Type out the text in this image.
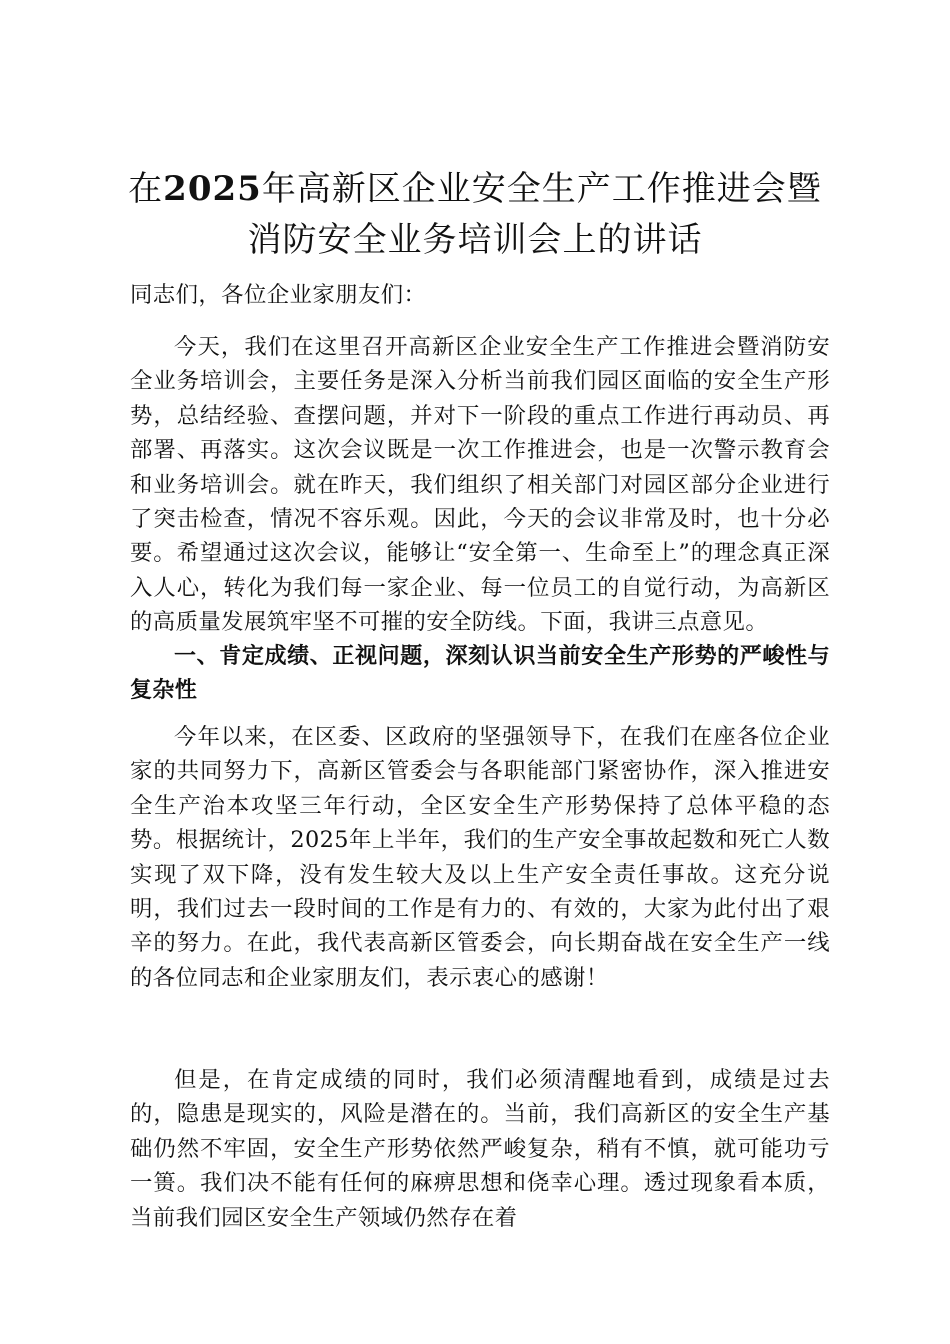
在2025年高新区企业安全生产工作推进会暨
消防安全业务培训会上的讲话
同志们，各位企业家朋友们：
今天，我们在这里召开高新区企业安全生产工作推进会暨消防安全业务培训会，主要任务是深入分析当前我们园区面临的安全生产形势，总结经验、查摆问题，并对下一阶段的重点工作进行再动员、再部署、再落实。这次会议既是一次工作推进会，也是一次警示教育会和业务培训会。就在昨天，我们组织了相关部门对园区部分企业进行了突击检查，情况不容乐观。因此，今天的会议非常及时，也十分必要。希望通过这次会议，能够让“安全第一、生命至上”的理念真正深入人心，转化为我们每一家企业、每一位员工的自觉行动，为高新区的高质量发展筑牢坚不可摧的安全防线。下面，我讲三点意见。
一、肯定成绩、正视问题，深刻认识当前安全生产形势的严峻性与复杂性
今年以来，在区委、区政府的坚强领导下，在我们在座各位企业家的共同努力下，高新区管委会与各职能部门紧密协作，深入推进安全生产治本攻坚三年行动，全区安全生产形势保持了总体平稳的态势。根据统计，2025年上半年，我们的生产安全事故起数和死亡人数实现了双下降，没有发生较大及以上生产安全责任事故。这充分说明，我们过去一段时间的工作是有力的、有效的，大家为此付出了艰辛的努力。在此，我代表高新区管委会，向长期奋战在安全生产一线的各位同志和企业家朋友们，表示衷心的感谢！
但是，在肯定成绩的同时，我们必须清醒地看到，成绩是过去的，隐患是现实的，风险是潜在的。当前，我们高新区的安全生产基础仍然不牢固，安全生产形势依然严峻复杂，稍有不慎，就可能功亏一篑。我们决不能有任何的麻痹思想和侥幸心理。透过现象看本质，当前我们园区安全生产领域仍然存在着
